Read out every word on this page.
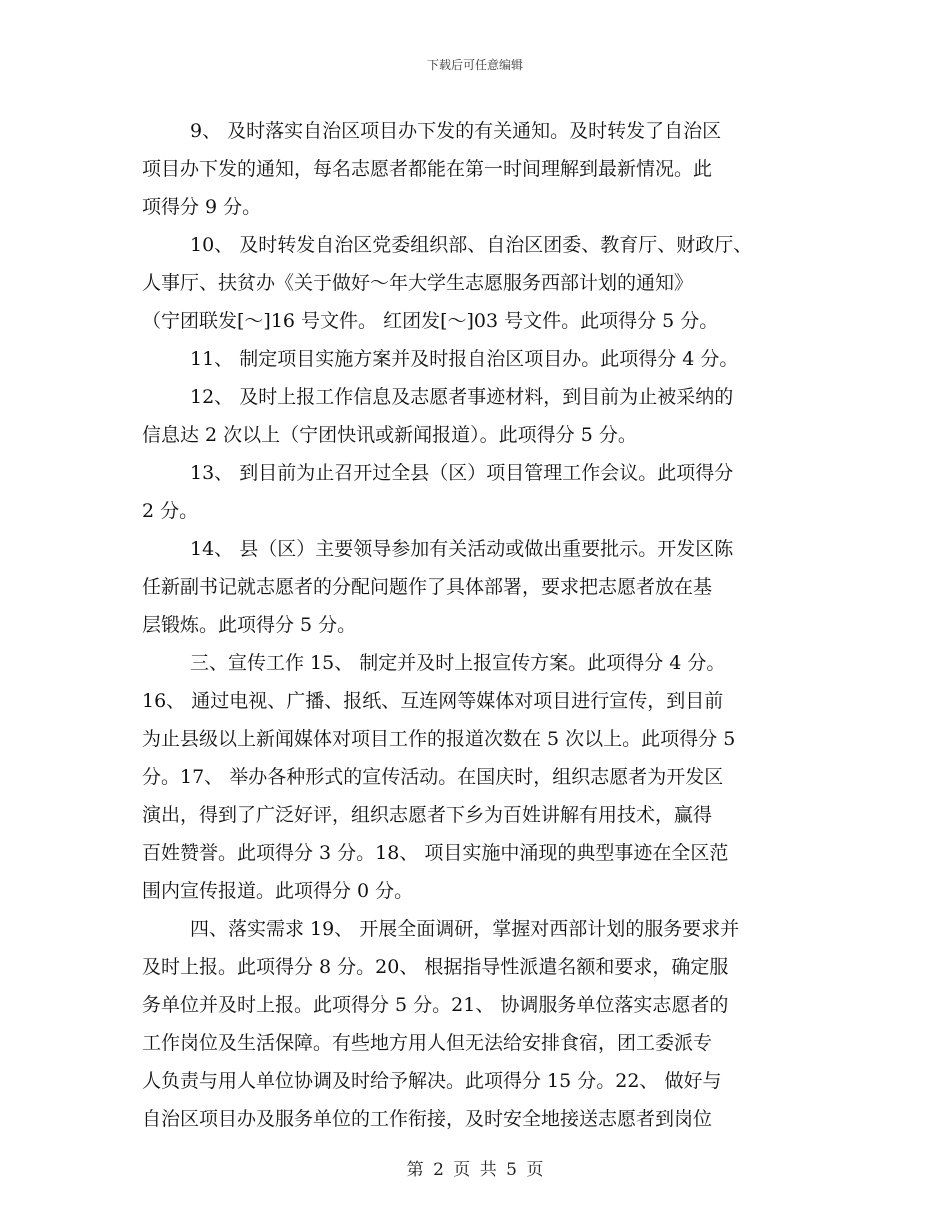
下载后可任意编辑
9、 及时落实自治区项目办下发的有关通知。及时转发了自治区
项目办下发的通知，每名志愿者都能在第一时间理解到最新情况。此
项得分 9 分。
10、 及时转发自治区党委组织部、自治区团委、教育厅、财政厅、
人事厅、扶贫办《关于做好～年大学生志愿服务西部计划的通知》
（宁团联发[～]16 号文件。 红团发[～]03 号文件。此项得分 5 分。
11、 制定项目实施方案并及时报自治区项目办。此项得分 4 分。
12、 及时上报工作信息及志愿者事迹材料，到目前为止被采纳的
信息达 2 次以上（宁团快讯或新闻报道）。此项得分 5 分。
13、 到目前为止召开过全县（区）项目管理工作会议。此项得分
2 分。
14、 县（区）主要领导参加有关活动或做出重要批示。开发区陈
任新副书记就志愿者的分配问题作了具体部署，要求把志愿者放在基
层锻炼。此项得分 5 分。
三、宣传工作 15、 制定并及时上报宣传方案。此项得分 4 分。
16、 通过电视、广播、报纸、互连网等媒体对项目进行宣传，到目前
为止县级以上新闻媒体对项目工作的报道次数在 5 次以上。此项得分 5
分。17、 举办各种形式的宣传活动。在国庆时，组织志愿者为开发区
演出，得到了广泛好评，组织志愿者下乡为百姓讲解有用技术，赢得
百姓赞誉。此项得分 3 分。18、 项目实施中涌现的典型事迹在全区范
围内宣传报道。此项得分 0 分。
四、落实需求 19、 开展全面调研，掌握对西部计划的服务要求并
及时上报。此项得分 8 分。20、 根据指导性派遣名额和要求，确定服
务单位并及时上报。此项得分 5 分。21、 协调服务单位落实志愿者的
工作岗位及生活保障。有些地方用人但无法给安排食宿，团工委派专
人负责与用人单位协调及时给予解决。此项得分 15 分。22、 做好与
自治区项目办及服务单位的工作衔接，及时安全地接送志愿者到岗位
第 2 页 共 5 页
